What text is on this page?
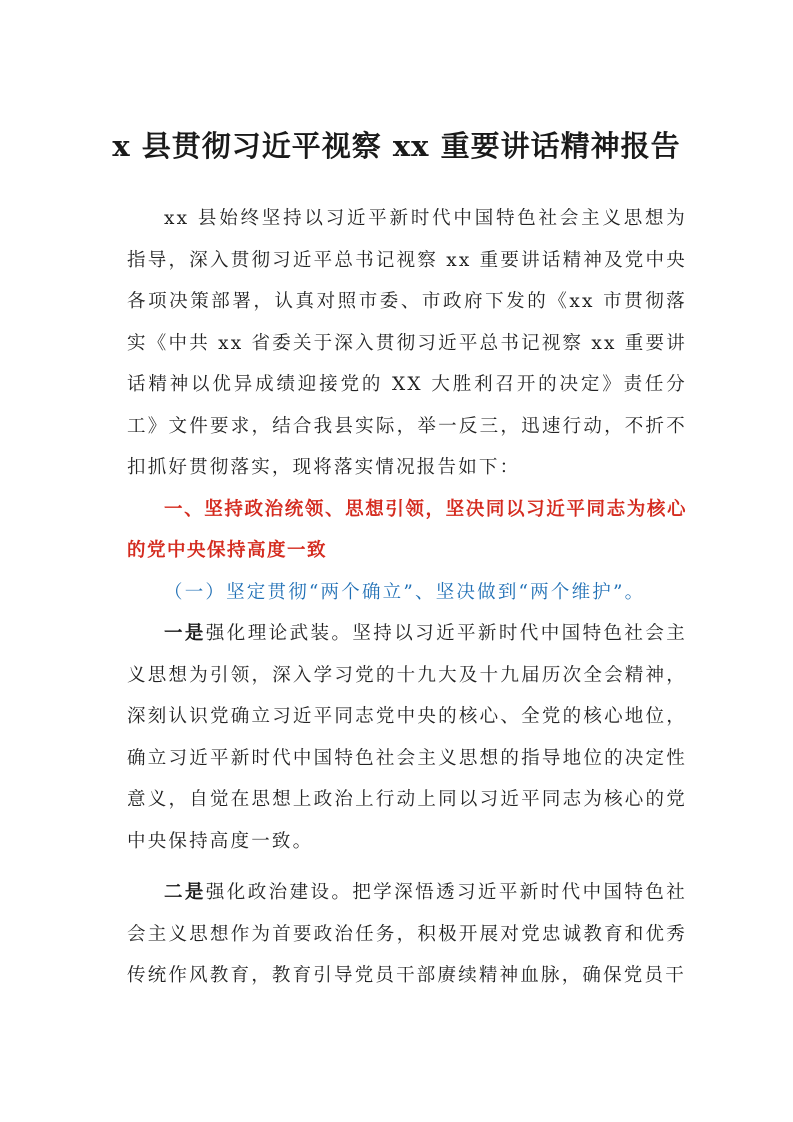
x 县贯彻习近平视察 xx 重要讲话精神报告

xx 县始终坚持以习近平新时代中国特色社会主义思想为指导，深入贯彻习近平总书记视察 xx 重要讲话精神及党中央各项决策部署，认真对照市委、市政府下发的《xx 市贯彻落实《中共 xx 省委关于深入贯彻习近平总书记视察 xx 重要讲话精神以优异成绩迎接党的 XX 大胜利召开的决定》责任分工》文件要求，结合我县实际，举一反三，迅速行动，不折不扣抓好贯彻落实，现将落实情况报告如下：

一、坚持政治统领、思想引领，坚决同以习近平同志为核心的党中央保持高度一致

（一）坚定贯彻“两个确立”、坚决做到“两个维护”。

一是强化理论武装。坚持以习近平新时代中国特色社会主义思想为引领，深入学习党的十九大及十九届历次全会精神，深刻认识党确立习近平同志党中央的核心、全党的核心地位，确立习近平新时代中国特色社会主义思想的指导地位的决定性意义，自觉在思想上政治上行动上同以习近平同志为核心的党中央保持高度一致。

二是强化政治建设。把学深悟透习近平新时代中国特色社会主义思想作为首要政治任务，积极开展对党忠诚教育和优秀传统作风教育，教育引导党员干部赓续精神血脉，确保党员干
